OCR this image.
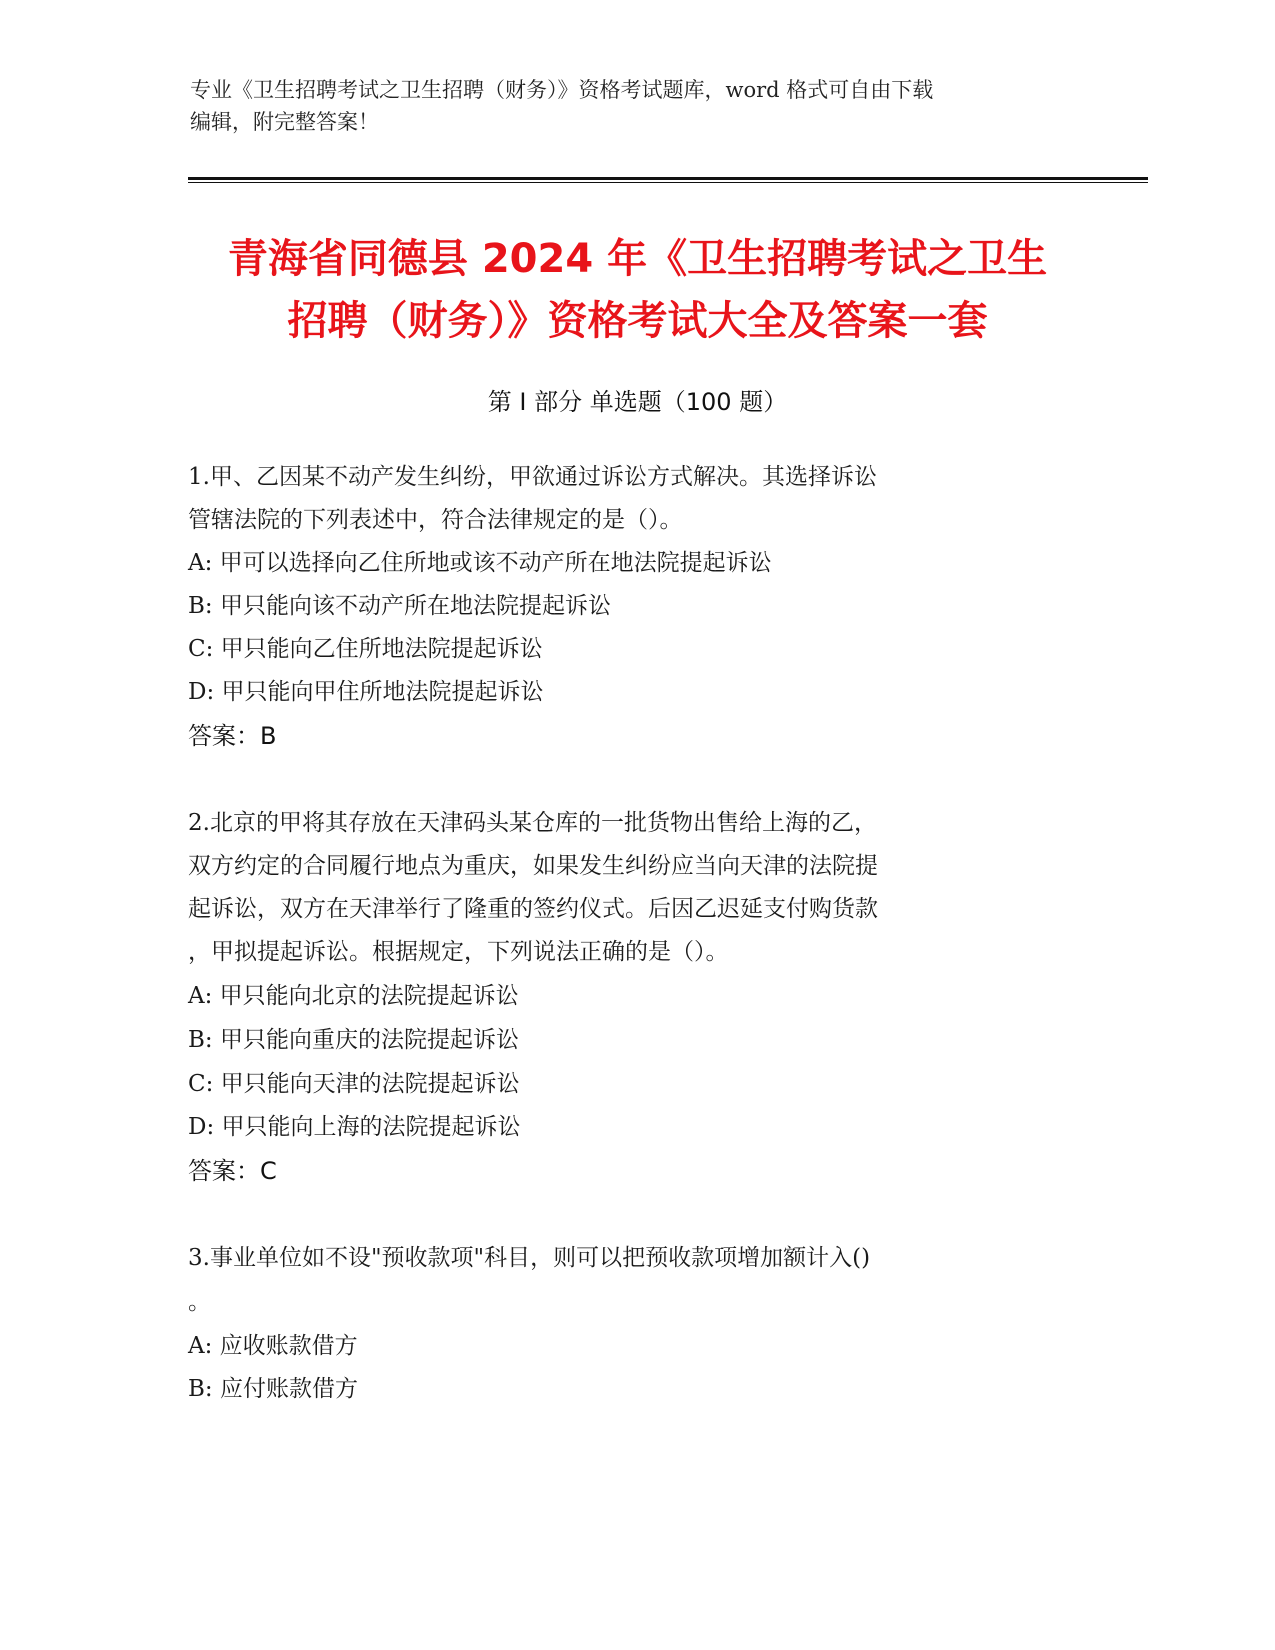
专业《卫生招聘考试之卫生招聘（财务）》资格考试题库，word 格式可自由下载
编辑，附完整答案！
青海省同德县 2024 年《卫生招聘考试之卫生
招聘（财务）》资格考试大全及答案一套
第 I 部分 单选题（100 题）
1.甲、乙因某不动产发生纠纷，甲欲通过诉讼方式解决。其选择诉讼
管辖法院的下列表述中，符合法律规定的是（）。
A: 甲可以选择向乙住所地或该不动产所在地法院提起诉讼
B: 甲只能向该不动产所在地法院提起诉讼
C: 甲只能向乙住所地法院提起诉讼
D: 甲只能向甲住所地法院提起诉讼
答案：B
2.北京的甲将其存放在天津码头某仓库的一批货物出售给上海的乙，
双方约定的合同履行地点为重庆，如果发生纠纷应当向天津的法院提
起诉讼，双方在天津举行了隆重的签约仪式。后因乙迟延支付购货款
，甲拟提起诉讼。根据规定，下列说法正确的是（）。
A: 甲只能向北京的法院提起诉讼
B: 甲只能向重庆的法院提起诉讼
C: 甲只能向天津的法院提起诉讼
D: 甲只能向上海的法院提起诉讼
答案：C
3.事业单位如不设"预收款项"科目，则可以把预收款项增加额计入()
。
A: 应收账款借方
B: 应付账款借方
